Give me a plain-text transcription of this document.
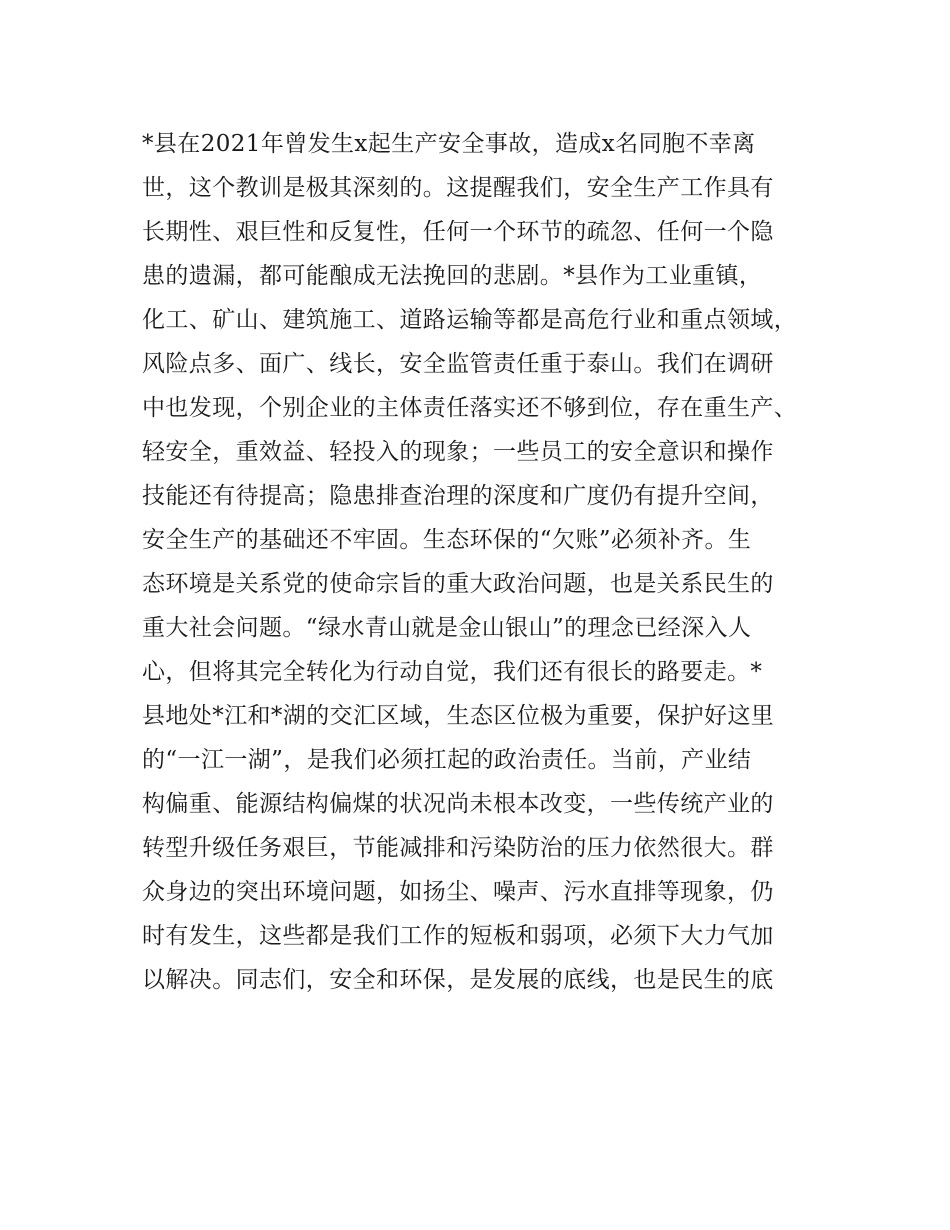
*县在2021年曾发生x起生产安全事故，造成x名同胞不幸离
世，这个教训是极其深刻的。这提醒我们，安全生产工作具有
长期性、艰巨性和反复性，任何一个环节的疏忽、任何一个隐
患的遗漏，都可能酿成无法挽回的悲剧。*县作为工业重镇，
化工、矿山、建筑施工、道路运输等都是高危行业和重点领域，
风险点多、面广、线长，安全监管责任重于泰山。我们在调研
中也发现，个别企业的主体责任落实还不够到位，存在重生产、
轻安全，重效益、轻投入的现象；一些员工的安全意识和操作
技能还有待提高；隐患排查治理的深度和广度仍有提升空间，
安全生产的基础还不牢固。生态环保的“欠账”必须补齐。生
态环境是关系党的使命宗旨的重大政治问题，也是关系民生的
重大社会问题。“绿水青山就是金山银山”的理念已经深入人
心，但将其完全转化为行动自觉，我们还有很长的路要走。*
县地处*江和*湖的交汇区域，生态区位极为重要，保护好这里
的“一江一湖”，是我们必须扛起的政治责任。当前，产业结
构偏重、能源结构偏煤的状况尚未根本改变，一些传统产业的
转型升级任务艰巨，节能减排和污染防治的压力依然很大。群
众身边的突出环境问题，如扬尘、噪声、污水直排等现象，仍
时有发生，这些都是我们工作的短板和弱项，必须下大力气加
以解决。同志们，安全和环保，是发展的底线，也是民生的底
